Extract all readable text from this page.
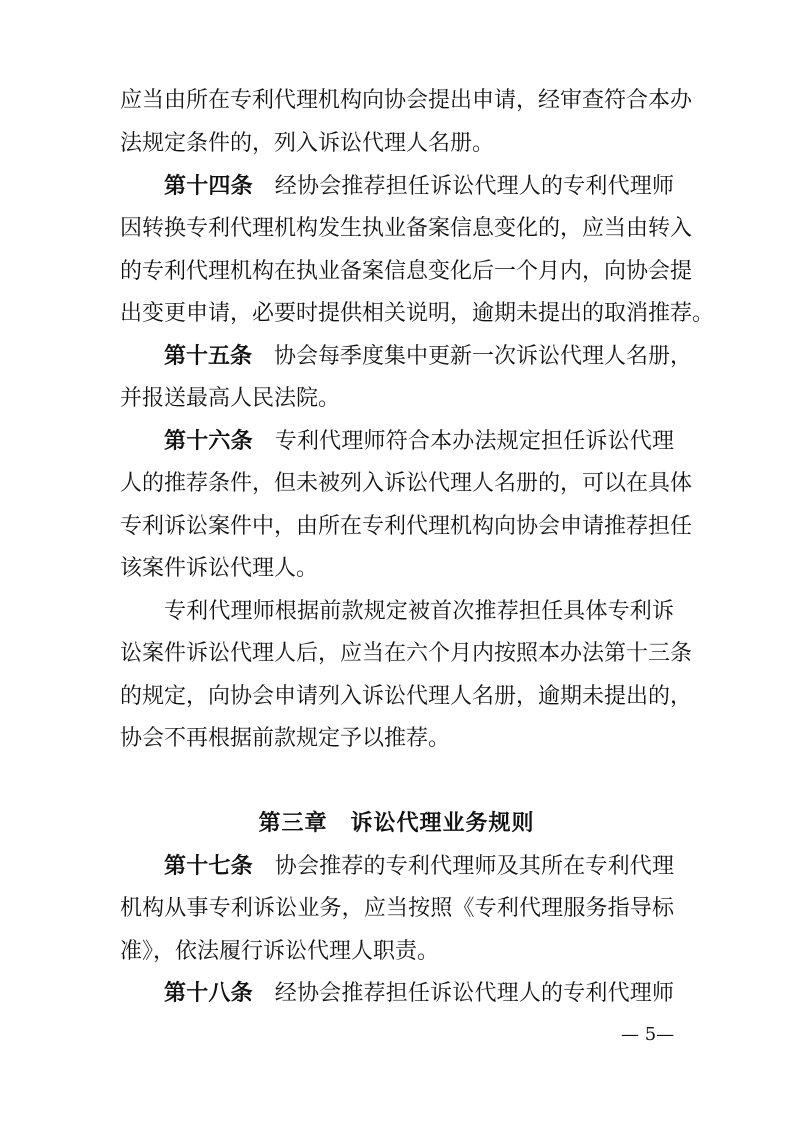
应当由所在专利代理机构向协会提出申请，经审查符合本办
法规定条件的，列入诉讼代理人名册。
第十四条 经协会推荐担任诉讼代理人的专利代理师
因转换专利代理机构发生执业备案信息变化的，应当由转入
的专利代理机构在执业备案信息变化后一个月内，向协会提
出变更申请，必要时提供相关说明，逾期未提出的取消推荐。
第十五条 协会每季度集中更新一次诉讼代理人名册，
并报送最高人民法院。
第十六条 专利代理师符合本办法规定担任诉讼代理
人的推荐条件，但未被列入诉讼代理人名册的，可以在具体
专利诉讼案件中，由所在专利代理机构向协会申请推荐担任
该案件诉讼代理人。
专利代理师根据前款规定被首次推荐担任具体专利诉
讼案件诉讼代理人后，应当在六个月内按照本办法第十三条
的规定，向协会申请列入诉讼代理人名册，逾期未提出的，
协会不再根据前款规定予以推荐。
第三章　诉讼代理业务规则
第十七条 协会推荐的专利代理师及其所在专利代理
机构从事专利诉讼业务，应当按照《专利代理服务指导标
准》，依法履行诉讼代理人职责。
第十八条 经协会推荐担任诉讼代理人的专利代理师
— 5—
